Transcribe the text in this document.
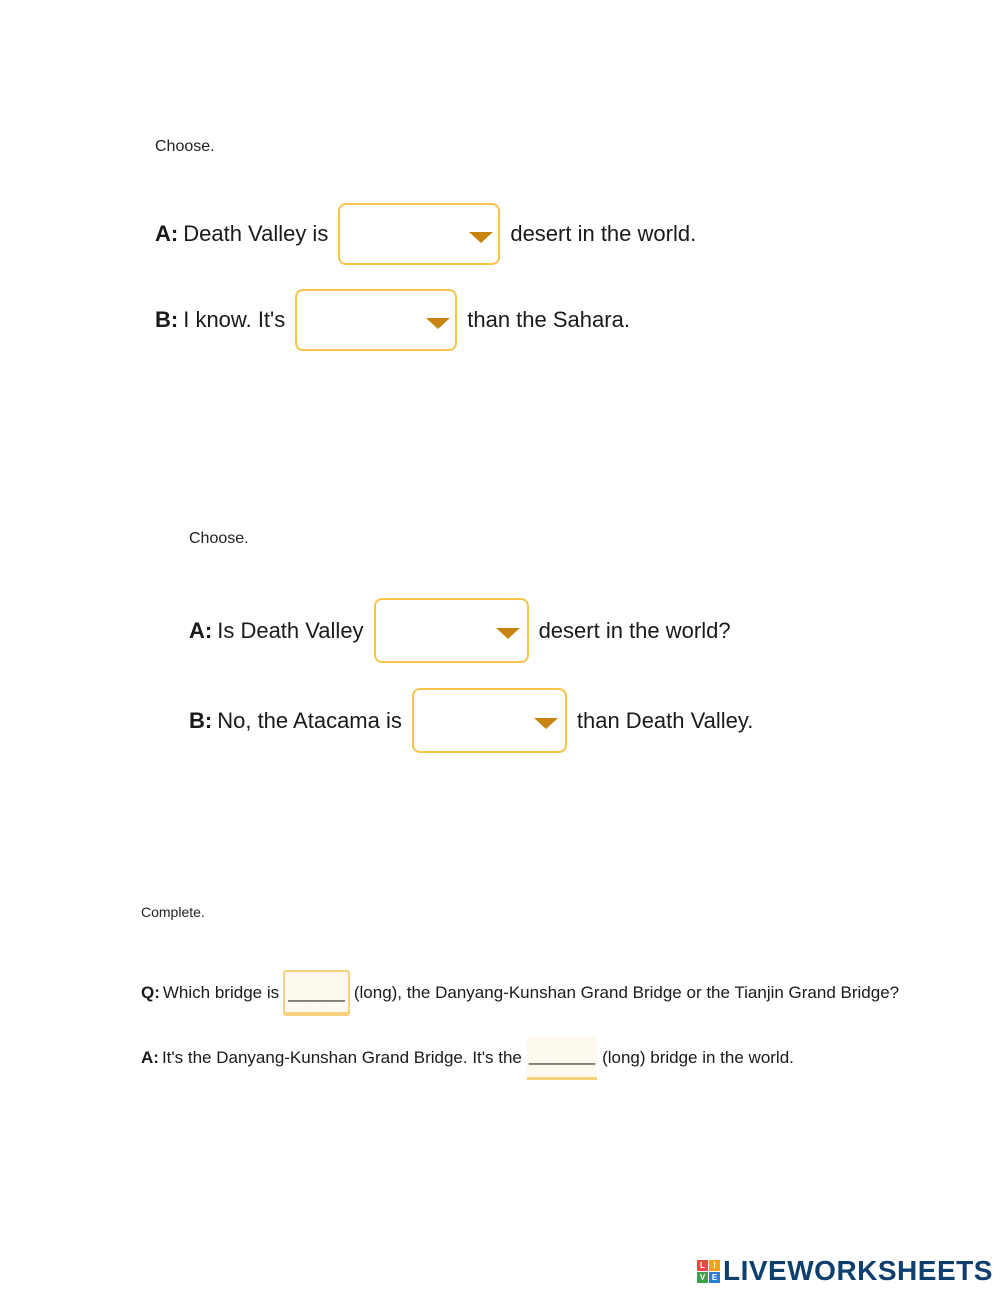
Choose.
A: Death Valley is	desert in the world.
B: I know. It's	than the Sahara.
Choose.
A: Is Death Valley	desert in the world?
B: No, the Atacama is	than Death Valley.
Complete.
Q: Which bridge is ______ (long), the Danyang-Kunshan Grand Bridge or the Tianjin Grand Bridge?
A: It's the Danyang-Kunshan Grand Bridge. It's the _______ (long) bridge in the world.
L	I
V E LIVEWORKSHEETS
